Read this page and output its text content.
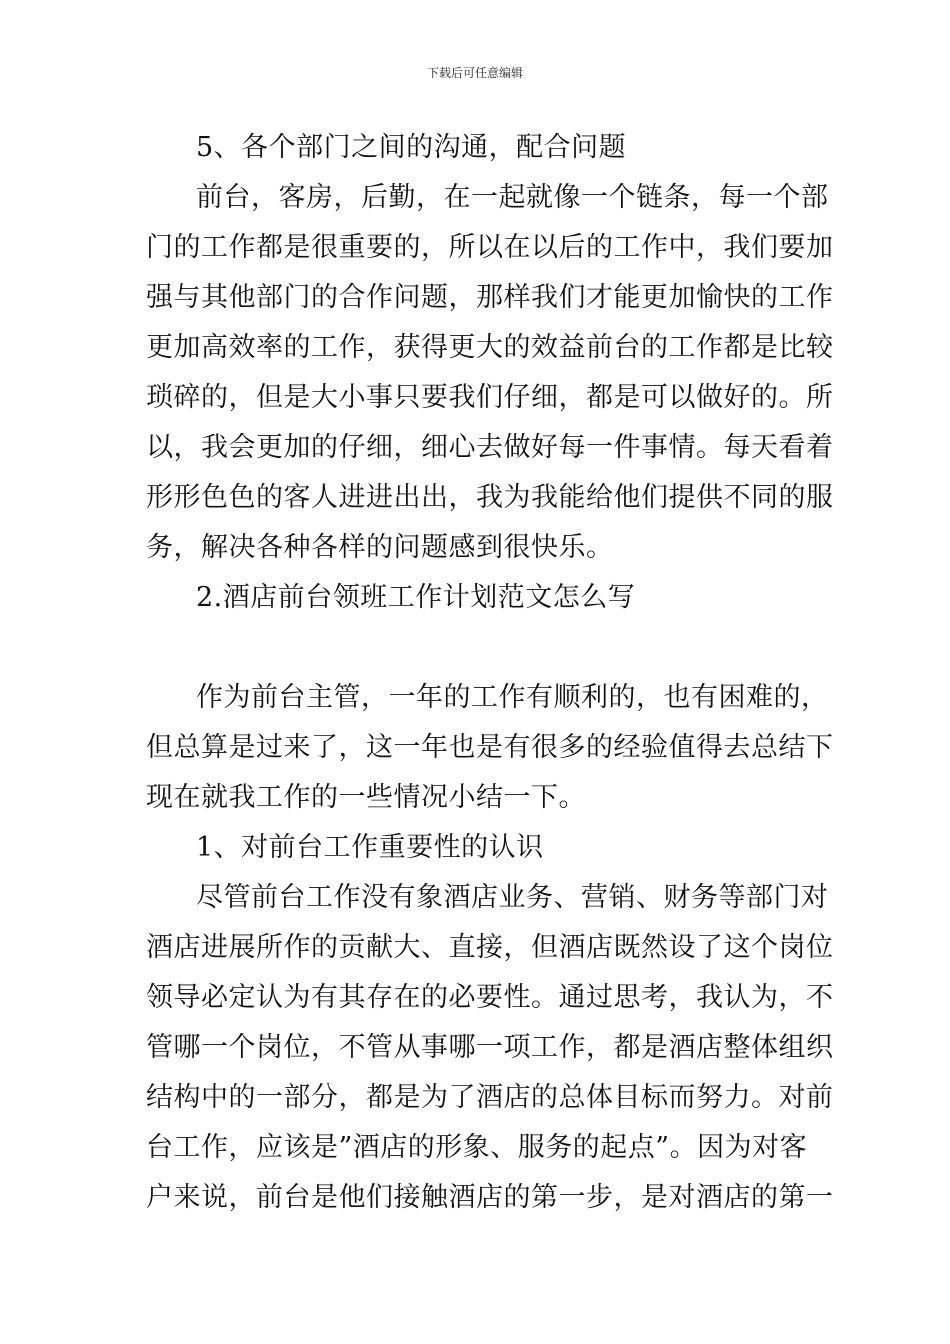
下载后可任意编辑
5、各个部门之间的沟通，配合问题
前台，客房，后勤，在一起就像一个链条，每一个部
门的工作都是很重要的，所以在以后的工作中，我们要加
强与其他部门的合作问题，那样我们才能更加愉快的工作
更加高效率的工作，获得更大的效益前台的工作都是比较
琐碎的，但是大小事只要我们仔细，都是可以做好的。所
以，我会更加的仔细，细心去做好每一件事情。每天看着
形形色色的客人进进出出，我为我能给他们提供不同的服
务，解决各种各样的问题感到很快乐。
2.酒店前台领班工作计划范文怎么写
作为前台主管，一年的工作有顺利的，也有困难的，
但总算是过来了，这一年也是有很多的经验值得去总结下
现在就我工作的一些情况小结一下。
1、对前台工作重要性的认识
尽管前台工作没有象酒店业务、营销、财务等部门对
酒店进展所作的贡献大、直接，但酒店既然设了这个岗位
领导必定认为有其存在的必要性。通过思考，我认为，不
管哪一个岗位，不管从事哪一项工作，都是酒店整体组织
结构中的一部分，都是为了酒店的总体目标而努力。对前
台工作，应该是”酒店的形象、服务的起点”。因为对客
户来说，前台是他们接触酒店的第一步，是对酒店的第一
